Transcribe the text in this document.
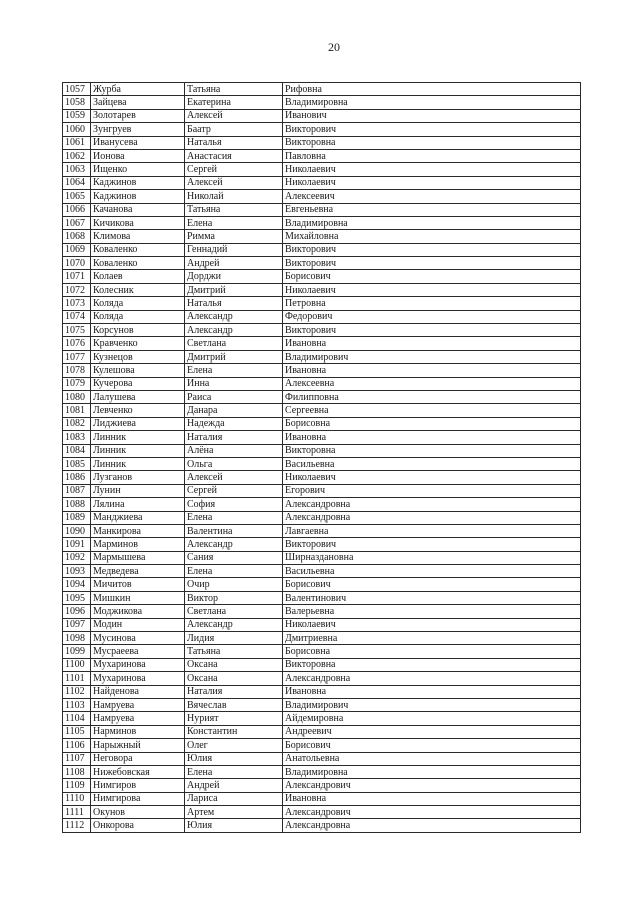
20
1057	Журба	Татьяна	Рифовна
1058	Зайцева	Екатерина	Владимировна
1059	Золотарев	Алексей	Иванович
1060	Зунгруев	Баатр	Викторович
1061	Иванусева	Наталья	Викторовна
1062	Ионова	Анастасия	Павловна
1063	Ищенко	Сергей	Николаевич
1064	Каджинов	Алексей	Николаевич
1065	Каджинов	Николай	Алексеевич
1066	Качанова	Татьяна	Евгеньевна
1067	Кичикова	Елена	Владимировна
1068	Климова	Римма	Михайловна
1069	Коваленко	Геннадий	Викторович
1070	Коваленко	Андрей	Викторович
1071	Колаев	Дорджи	Борисович
1072	Колесник	Дмитрий	Николаевич
1073	Коляда	Наталья	Петровна
1074	Коляда	Александр	Федорович
1075	Корсунов	Александр	Викторович
1076	Кравченко	Светлана	Ивановна
1077	Кузнецов	Дмитрий	Владимирович
1078	Кулешова	Елена	Ивановна
1079	Кучерова	Инна	Алексеевна
1080	Лалушева	Раиса	Филипповна
1081	Левченко	Данара	Сергеевна
1082	Лиджиева	Надежда	Борисовна
1083	Линник	Наталия	Ивановна
1084	Линник	Алёна	Викторовна
1085	Линник	Ольга	Васильевна
1086	Лузганов	Алексей	Николаевич
1087	Лунин	Сергей	Егорович
1088	Лялина	София	Александровна
1089	Манджиева	Елена	Александровна
1090	Манкирова	Валентина	Лавгаевна
1091	Марминов	Александр	Викторович
1092	Мармышева	Сания	Ширназдановна
1093	Медведева	Елена	Васильевна
1094	Мичитов	Очир	Борисович
1095	Мишкин	Виктор	Валентинович
1096	Моджикова	Светлана	Валерьевна
1097	Модин	Александр	Николаевич
1098	Мусинова	Лидия	Дмитриевна
1099	Мусраеева	Татьяна	Борисовна
1100	Мухаринова	Оксана	Викторовна
1101	Мухаринова	Оксана	Александровна
1102	Найденова	Наталия	Ивановна
1103	Намруева	Вячеслав	Владимирович
1104	Намруева	Нурият	Айдемировна
1105	Нарминов	Константин	Андреевич
1106	Нарыжный	Олег	Борисович
1107	Неговора	Юлия	Анатольевна
1108	Нижебовская	Елена	Владимировна
1109	Нимгиров	Андрей	Александрович
1110	Нимгирова	Лариса	Ивановна
1111	Окунов	Артем	Александрович
1112	Онкорова	Юлия	Александровна
